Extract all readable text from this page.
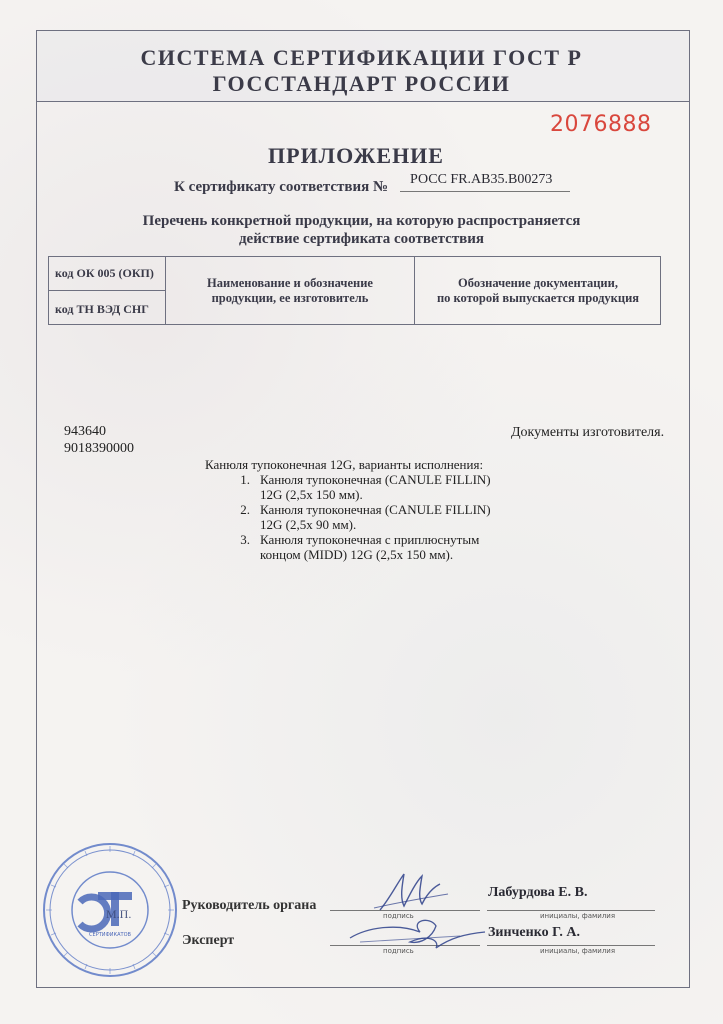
СИСТЕМА СЕРТИФИКАЦИИ ГОСТ Р
ГОССТАНДАРТ РОССИИ
2076888
ПРИЛОЖЕНИЕ
К сертификату соответствия № РОСС FR.АВ35.В00273
Перечень конкретной продукции, на которую распространяется
действие сертификата соответствия
код ОК 005 (ОКП)
код ТН ВЭД СНГ
Наименование и обозначение
продукции, ее изготовитель
Обозначение документации,
по которой выпускается продукция
943640
9018390000
Документы изготовителя.
Канюля тупоконечная 12G, варианты исполнения:
1. Канюля тупоконечная (CANULE FILLIN)
12G (2,5х 150 мм).
2. Канюля тупоконечная (CANULE FILLIN)
12G (2,5х 90 мм).
3. Канюля тупоконечная с приплюснутым
концом (MIDD) 12G (2,5х 150 мм).
М.П.
СЕРТИФИКАТОВ
Руководитель органа
Эксперт
подпись
подпись
инициалы, фамилия
инициалы, фамилия
Лабурдова Е. В.
Зинченко Г. А.
